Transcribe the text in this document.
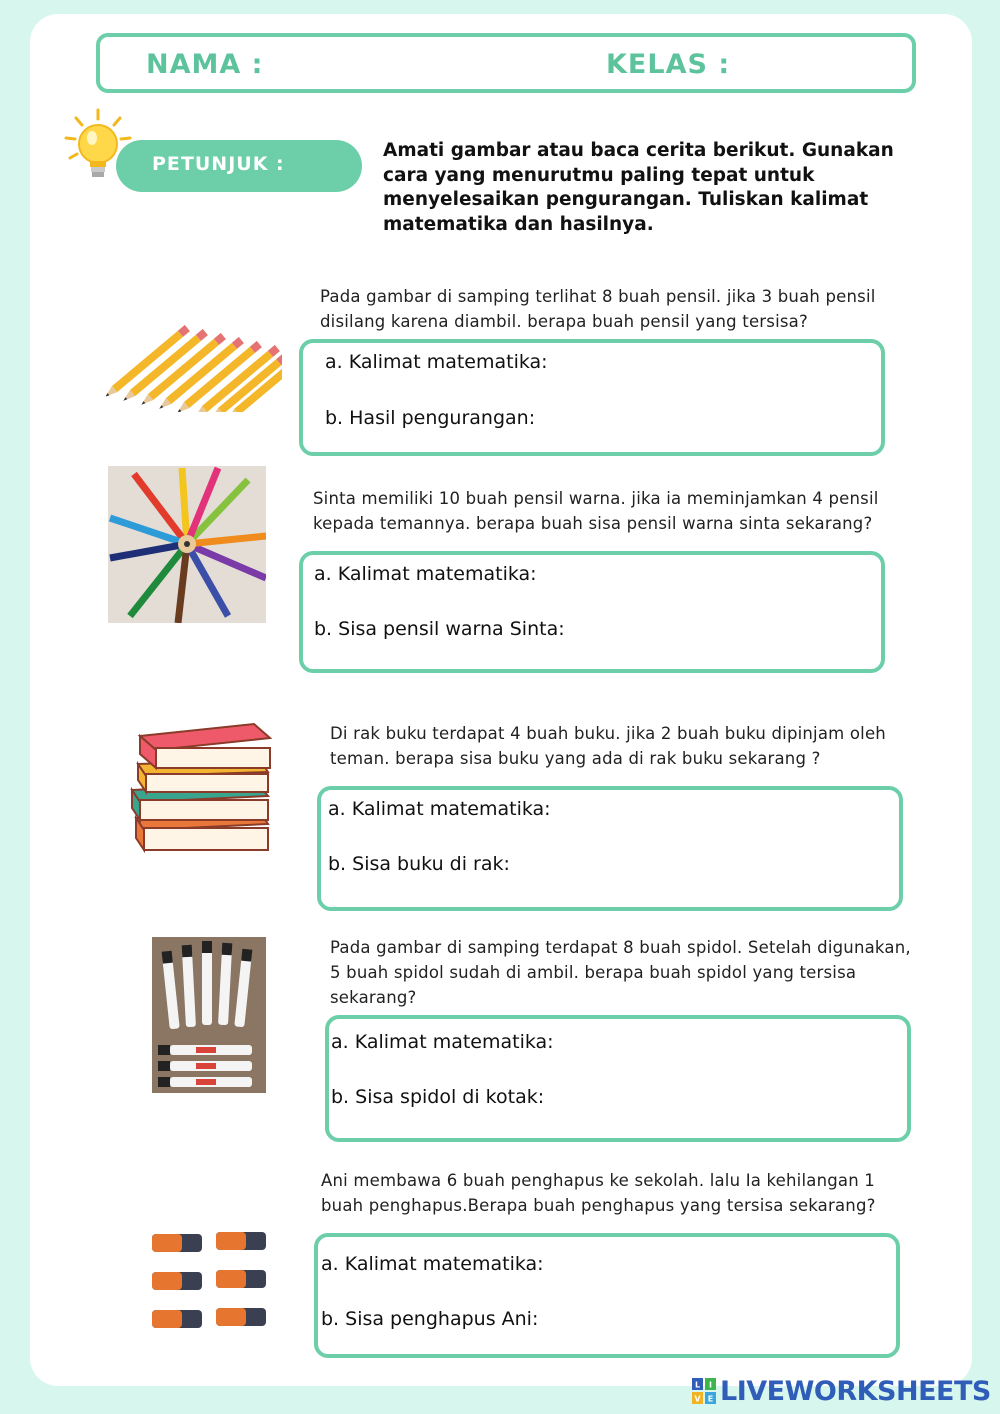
NAMA :	KELAS :
PETUNJUK :
Amati gambar atau baca cerita berikut. Gunakan cara yang menurutmu paling tepat untuk menyelesaikan pengurangan. Tuliskan kalimat matematika dan hasilnya.
Pada gambar di samping terlihat 8 buah pensil. jika 3 buah pensil disilang karena diambil. berapa buah pensil yang tersisa?
a. Kalimat matematika:
b. Hasil pengurangan:
Sinta memiliki 10 buah pensil warna. jika ia meminjamkan 4 pensil kepada temannya. berapa buah sisa pensil warna sinta sekarang?
a. Kalimat matematika:
b. Sisa pensil warna Sinta:
Di rak buku terdapat 4 buah buku. jika 2 buah buku dipinjam oleh teman. berapa sisa buku yang ada di rak buku sekarang ?
a. Kalimat matematika:
b. Sisa buku di rak:
Pada gambar di samping terdapat 8 buah spidol. Setelah digunakan, 5 buah spidol sudah di ambil. berapa buah spidol yang tersisa sekarang?
a. Kalimat matematika:
b. Sisa spidol di kotak:
Ani membawa 6 buah penghapus ke sekolah. lalu Ia kehilangan 1 buah penghapus.Berapa buah penghapus yang tersisa sekarang?
a. Kalimat matematika:
b. Sisa penghapus Ani:
L I
V E LIVEWORKSHEETS
